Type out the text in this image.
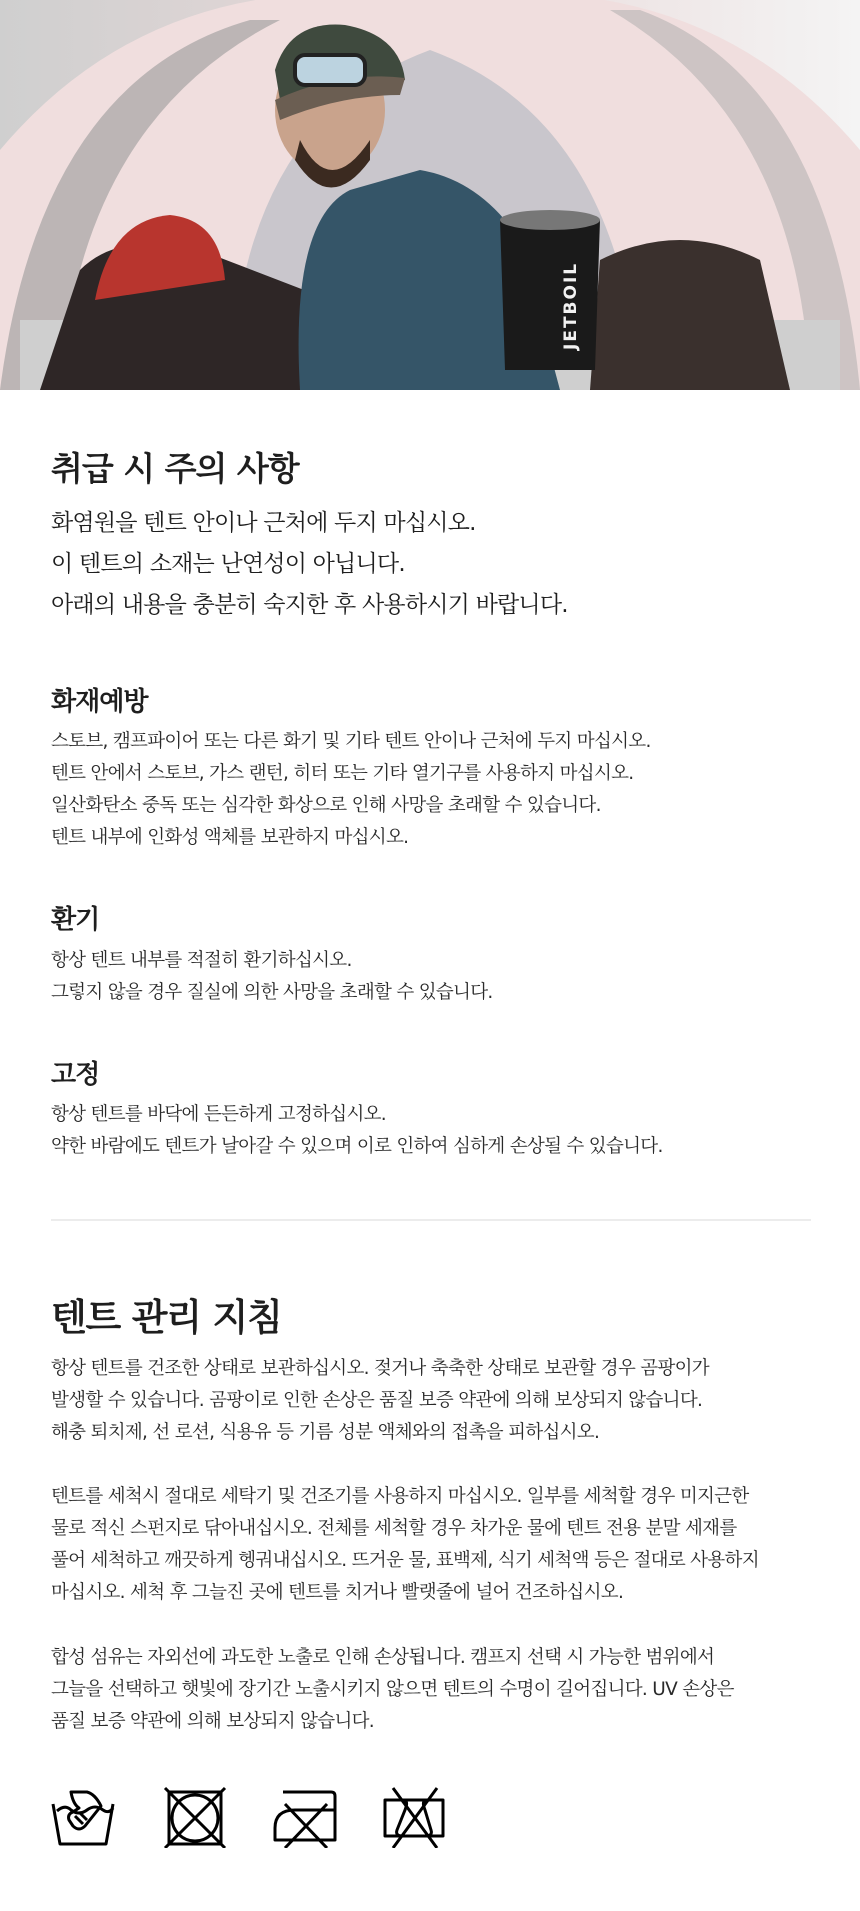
JETBOIL
취급 시 주의 사항
화염원을 텐트 안이나 근처에 두지 마십시오.
이 텐트의 소재는 난연성이 아닙니다.
아래의 내용을 충분히 숙지한 후 사용하시기 바랍니다.
화재예방
스토브, 캠프파이어 또는 다른 화기 및 기타 텐트 안이나 근처에 두지 마십시오.
텐트 안에서 스토브, 가스 랜턴, 히터 또는 기타 열기구를 사용하지 마십시오.
일산화탄소 중독 또는 심각한 화상으로 인해 사망을 초래할 수 있습니다.
텐트 내부에 인화성 액체를 보관하지 마십시오.
환기
항상 텐트 내부를 적절히 환기하십시오.
그렇지 않을 경우 질실에 의한 사망을 초래할 수 있습니다.
고정
항상 텐트를 바닥에 든든하게 고정하십시오.
약한 바람에도 텐트가 날아갈 수 있으며 이로 인하여 심하게 손상될 수 있습니다.
텐트 관리 지침
항상 텐트를 건조한 상태로 보관하십시오. 젖거나 축축한 상태로 보관할 경우 곰팡이가
발생할 수 있습니다. 곰팡이로 인한 손상은 품질 보증 약관에 의해 보상되지 않습니다.
해충 퇴치제, 선 로션, 식용유 등 기름 성분 액체와의 접촉을 피하십시오.
텐트를 세척시 절대로 세탁기 및 건조기를 사용하지 마십시오. 일부를 세척할 경우 미지근한
물로 적신 스펀지로 닦아내십시오. 전체를 세척할 경우 차가운 물에 텐트 전용 분말 세재를
풀어 세척하고 깨끗하게 헹궈내십시오. 뜨거운 물, 표백제, 식기 세척액 등은 절대로 사용하지
마십시오. 세척 후 그늘진 곳에 텐트를 치거나 빨랫줄에 널어 건조하십시오.
합성 섬유는 자외선에 과도한 노출로 인해 손상됩니다. 캠프지 선택 시 가능한 범위에서
그늘을 선택하고 햇빛에 장기간 노출시키지 않으면 텐트의 수명이 길어집니다. UV 손상은
품질 보증 약관에 의해 보상되지 않습니다.
